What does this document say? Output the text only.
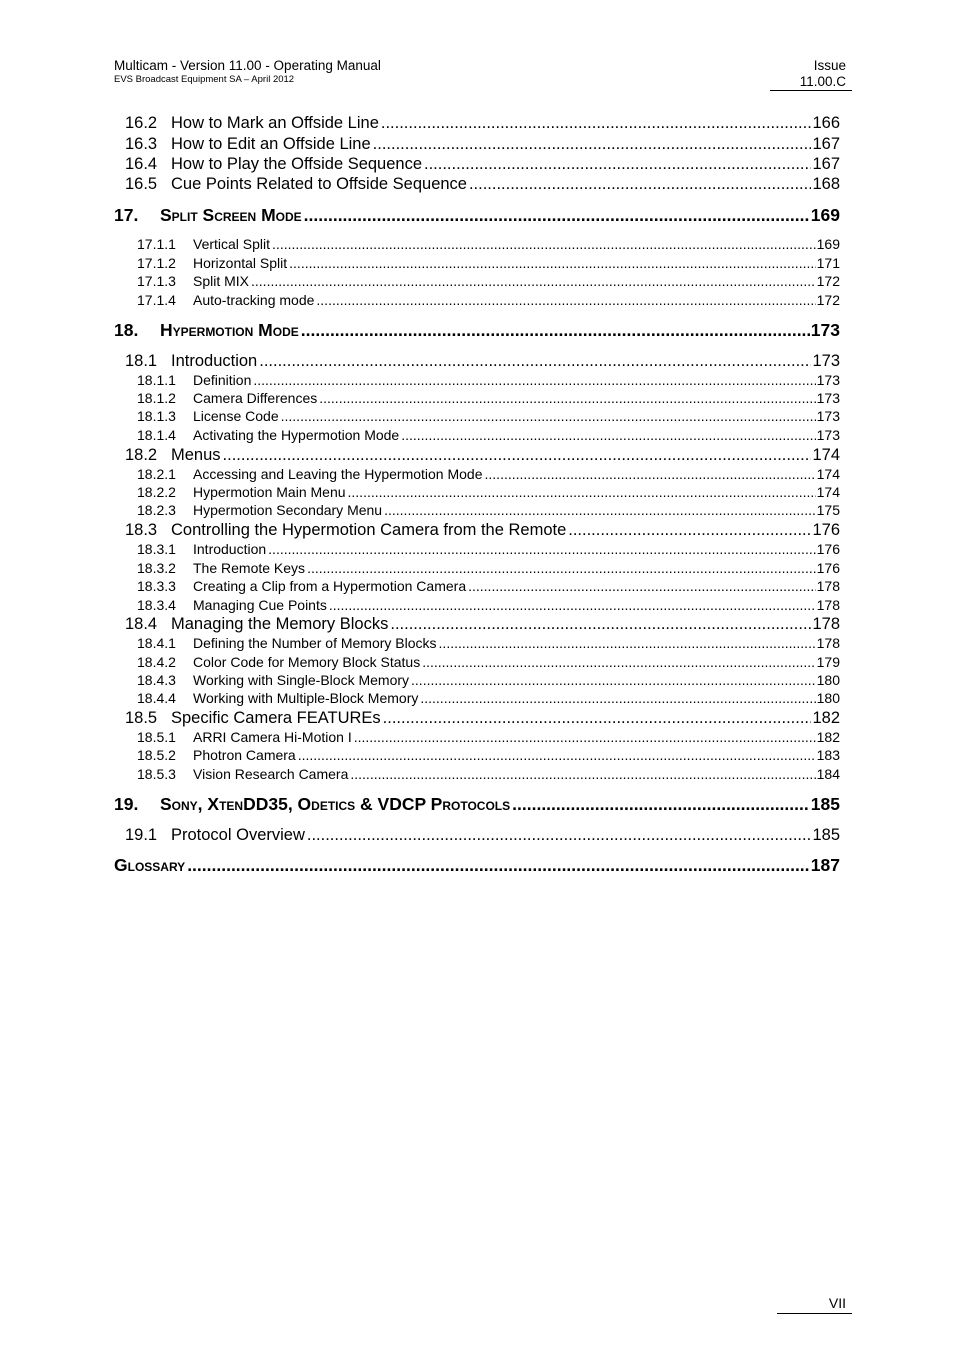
Multicam - Version 11.00 - Operating Manual
EVS Broadcast Equipment SA – April 2012
Issue
11.00.C
16.2 How to Mark an Offside Line .....	166
16.3 How to Edit an Offside Line .....	167
16.4 How to Play the Offside Sequence .....	167
16.5 Cue Points Related to Offside Sequence .....	168
17.	Split Screen Mode .....	169
17.1.1	Vertical Split .....	169
17.1.2	Horizontal Split .....	171
17.1.3	Split MIX .....	172
17.1.4	Auto-tracking mode .....	172
18.	Hypermotion Mode .....	173
18.1 Introduction .....	173
18.1.1	Definition .....	173
18.1.2	Camera Differences .....	173
18.1.3	License Code .....	173
18.1.4	Activating the Hypermotion Mode .....	173
18.2 Menus .....	174
18.2.1	Accessing and Leaving the Hypermotion Mode .....	174
18.2.2	Hypermotion Main Menu .....	174
18.2.3	Hypermotion Secondary Menu .....	175
18.3 Controlling the Hypermotion Camera from the Remote .....	176
18.3.1	Introduction .....	176
18.3.2	The Remote Keys .....	176
18.3.3	Creating a Clip from a Hypermotion Camera .....	178
18.3.4	Managing Cue Points .....	178
18.4 Managing the Memory Blocks .....	178
18.4.1	Defining the Number of Memory Blocks .....	178
18.4.2	Color Code for Memory Block Status .....	179
18.4.3	Working with Single-Block Memory .....	180
18.4.4	Working with Multiple-Block Memory .....	180
18.5 Specific Camera FEATUREs .....	182
18.5.1	ARRI Camera Hi-Motion I .....	182
18.5.2	Photron Camera .....	183
18.5.3	Vision Research Camera .....	184
19.	Sony, XtenDD35, Odetics & VDCP Protocols .....	185
19.1 Protocol Overview .....	185
Glossary .....	187
VII
